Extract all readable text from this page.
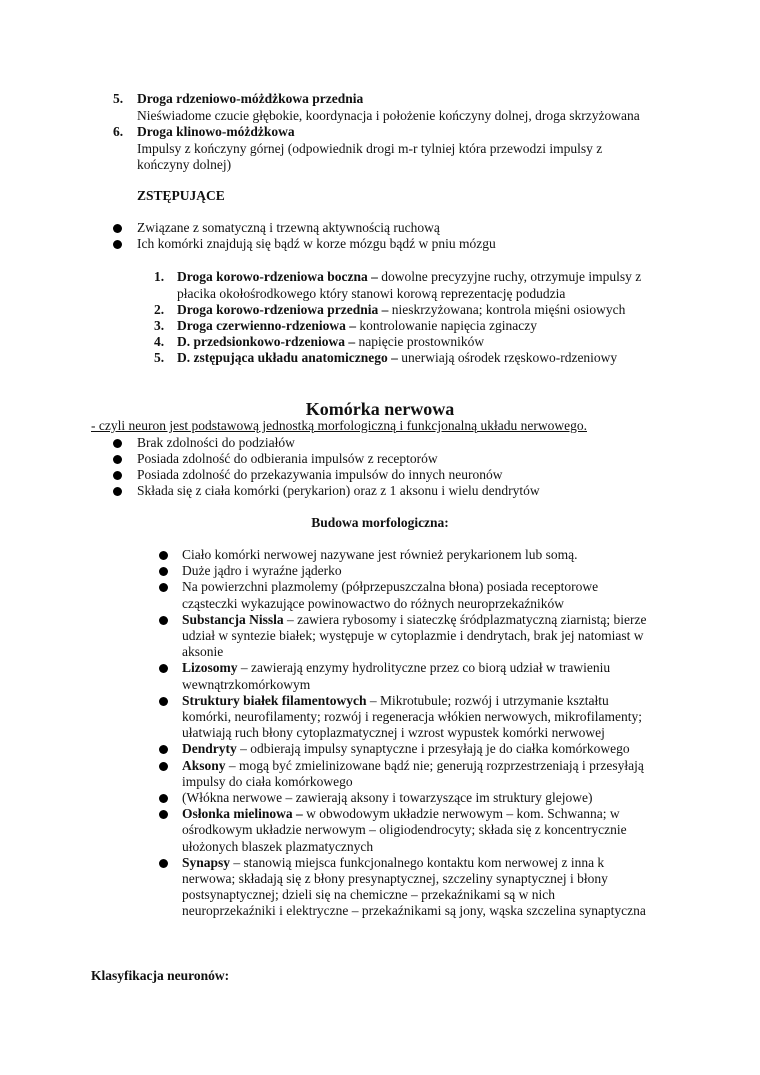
5.	Droga rdzeniowo-móżdżkowa przednia
Nieświadome czucie głębokie, koordynacja i położenie kończyny dolnej, droga skrzyżowana
6.	Droga klinowo-móżdżkowa
Impulsy z kończyny górnej (odpowiednik drogi m-r tylniej która przewodzi impulsy z
kończyny dolnej)
ZSTĘPUJĄCE
Związane z somatyczną i trzewną aktywnością ruchową
Ich komórki znajdują się bądź w korze mózgu bądź w pniu mózgu
1. Droga korowo-rdzeniowa boczna – dowolne precyzyjne ruchy, otrzymuje impulsy z
płacika okołośrodkowego który stanowi korową reprezentację podudzia
2. Droga korowo-rdzeniowa przednia – nieskrzyżowana; kontrola mięśni osiowych
3. Droga czerwienno-rdzeniowa – kontrolowanie napięcia zginaczy
4. D. przedsionkowo-rdzeniowa – napięcie prostowników
5. D. zstępująca układu anatomicznego – unerwiają ośrodek rzęskowo-rdzeniowy
Komórka nerwowa
- czyli neuron jest podstawową jednostką morfologiczną i funkcjonalną układu nerwowego.
Brak zdolności do podziałów
Posiada zdolność do odbierania impulsów z receptorów
Posiada zdolność do przekazywania impulsów do innych neuronów
Składa się z ciała komórki (perykarion) oraz z 1 aksonu i wielu dendrytów
Budowa morfologiczna:
Ciało komórki nerwowej nazywane jest również perykarionem lub somą.
Duże jądro i wyraźne jąderko
Na powierzchni plazmolemy (półprzepuszczalna błona) posiada receptorowe
cząsteczki wykazujące powinowactwo do różnych neuroprzekaźników
Substancja Nissla – zawiera rybosomy i siateczkę śródplazmatyczną ziarnistą; bierze
udział w syntezie białek; występuje w cytoplazmie i dendrytach, brak jej natomiast w
aksonie
Lizosomy – zawierają enzymy hydrolityczne przez co biorą udział w trawieniu
wewnątrzkomórkowym
Struktury białek filamentowych – Mikrotubule; rozwój i utrzymanie kształtu
komórki, neurofilamenty; rozwój i regeneracja włókien nerwowych, mikrofilamenty;
ułatwiają ruch błony cytoplazmatycznej i wzrost wypustek komórki nerwowej
Dendryty – odbierają impulsy synaptyczne i przesyłają je do ciałka komórkowego
Aksony – mogą być zmielinizowane bądź nie; generują rozprzestrzeniają i przesyłają
impulsy do ciała komórkowego
(Włókna nerwowe – zawierają aksony i towarzyszące im struktury glejowe)
Osłonka mielinowa – w obwodowym układzie nerwowym – kom. Schwanna; w
ośrodkowym układzie nerwowym – oligiodendrocyty; składa się z koncentrycznie
ułożonych blaszek plazmatycznych
Synapsy – stanowią miejsca funkcjonalnego kontaktu kom nerwowej z inna k
nerwowa; składają się z błony presynaptycznej, szczeliny synaptycznej i błony
postsynaptycznej; dzieli się na chemiczne – przekaźnikami są w nich
neuroprzekaźniki i elektryczne – przekaźnikami są jony, wąska szczelina synaptyczna
Klasyfikacja neuronów:
